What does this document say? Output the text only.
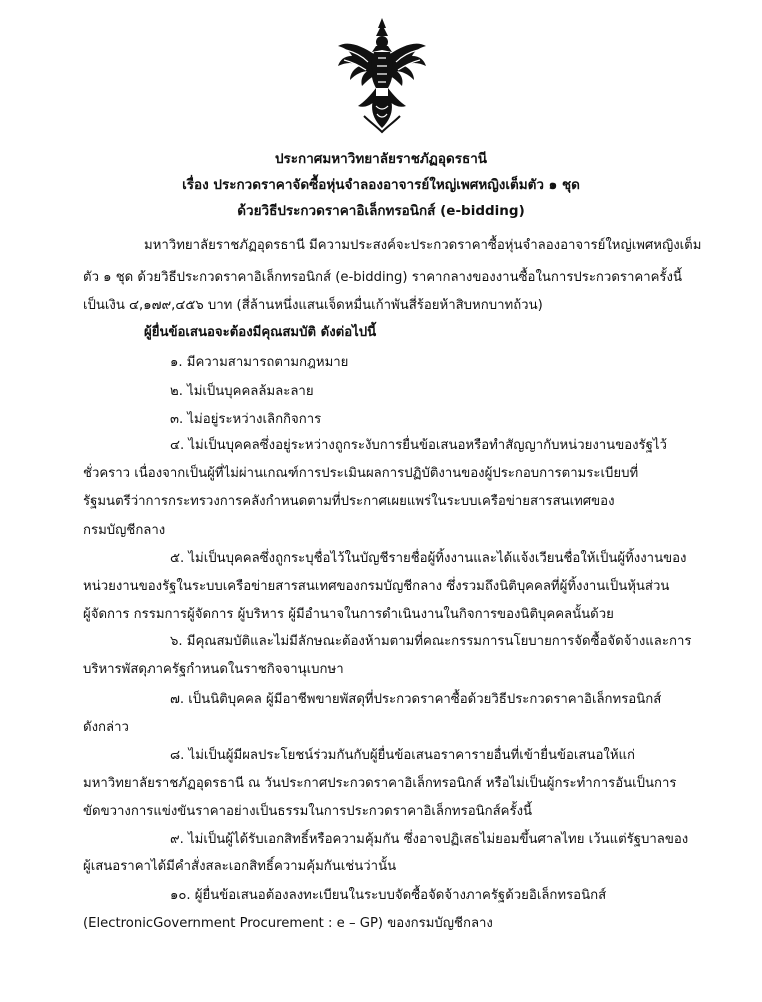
ประกาศมหาวิทยาลัยราชภัฏอุดรธานี
เรื่อง ประกวดราคาจัดซื้อหุ่นจำลองอาจารย์ใหญ่เพศหญิงเต็มตัว ๑ ชุด
ด้วยวิธีประกวดราคาอิเล็กทรอนิกส์ (e-bidding)
มหาวิทยาลัยราชภัฏอุดรธานี มีความประสงค์จะประกวดราคาซื้อหุ่นจำลองอาจารย์ใหญ่เพศหญิงเต็ม
ตัว ๑ ชุด ด้วยวิธีประกวดราคาอิเล็กทรอนิกส์ (e-bidding) ราคากลางของงานซื้อในการประกวดราคาครั้งนี้
เป็นเงิน ๔,๑๗๙,๔๕๖ บาท (สี่ล้านหนึ่งแสนเจ็ดหมื่นเก้าพันสี่ร้อยห้าสิบหกบาทถ้วน)
ผู้ยื่นข้อเสนอจะต้องมีคุณสมบัติ ดังต่อไปนี้
๑. มีความสามารถตามกฎหมาย
๒. ไม่เป็นบุคคลล้มละลาย
๓. ไม่อยู่ระหว่างเลิกกิจการ
๔. ไม่เป็นบุคคลซึ่งอยู่ระหว่างถูกระงับการยื่นข้อเสนอหรือทำสัญญากับหน่วยงานของรัฐไว้
ชั่วคราว เนื่องจากเป็นผู้ที่ไม่ผ่านเกณฑ์การประเมินผลการปฏิบัติงานของผู้ประกอบการตามระเบียบที่
รัฐมนตรีว่าการกระทรวงการคลังกำหนดตามที่ประกาศเผยแพร่ในระบบเครือข่ายสารสนเทศของ
กรมบัญชีกลาง
๕. ไม่เป็นบุคคลซึ่งถูกระบุชื่อไว้ในบัญชีรายชื่อผู้ทิ้งงานและได้แจ้งเวียนชื่อให้เป็นผู้ทิ้งงานของ
หน่วยงานของรัฐในระบบเครือข่ายสารสนเทศของกรมบัญชีกลาง ซึ่งรวมถึงนิติบุคคลที่ผู้ทิ้งงานเป็นหุ้นส่วน
ผู้จัดการ กรรมการผู้จัดการ ผู้บริหาร ผู้มีอำนาจในการดำเนินงานในกิจการของนิติบุคคลนั้นด้วย
๖. มีคุณสมบัติและไม่มีลักษณะต้องห้ามตามที่คณะกรรมการนโยบายการจัดซื้อจัดจ้างและการ
บริหารพัสดุภาครัฐกำหนดในราชกิจจานุเบกษา
๗. เป็นนิติบุคคล ผู้มีอาชีพขายพัสดุที่ประกวดราคาซื้อด้วยวิธีประกวดราคาอิเล็กทรอนิกส์
ดังกล่าว
๘. ไม่เป็นผู้มีผลประโยชน์ร่วมกันกับผู้ยื่นข้อเสนอราคารายอื่นที่เข้ายื่นข้อเสนอให้แก่
มหาวิทยาลัยราชภัฏอุดรธานี ณ วันประกาศประกวดราคาอิเล็กทรอนิกส์ หรือไม่เป็นผู้กระทำการอันเป็นการ
ขัดขวางการแข่งขันราคาอย่างเป็นธรรมในการประกวดราคาอิเล็กทรอนิกส์ครั้งนี้
๙. ไม่เป็นผู้ได้รับเอกสิทธิ์หรือความคุ้มกัน ซึ่งอาจปฏิเสธไม่ยอมขึ้นศาลไทย เว้นแต่รัฐบาลของ
ผู้เสนอราคาได้มีคำสั่งสละเอกสิทธิ์ความคุ้มกันเช่นว่านั้น
๑๐. ผู้ยื่นข้อเสนอต้องลงทะเบียนในระบบจัดซื้อจัดจ้างภาครัฐด้วยอิเล็กทรอนิกส์
(ElectronicGovernment Procurement : e – GP) ของกรมบัญชีกลาง
